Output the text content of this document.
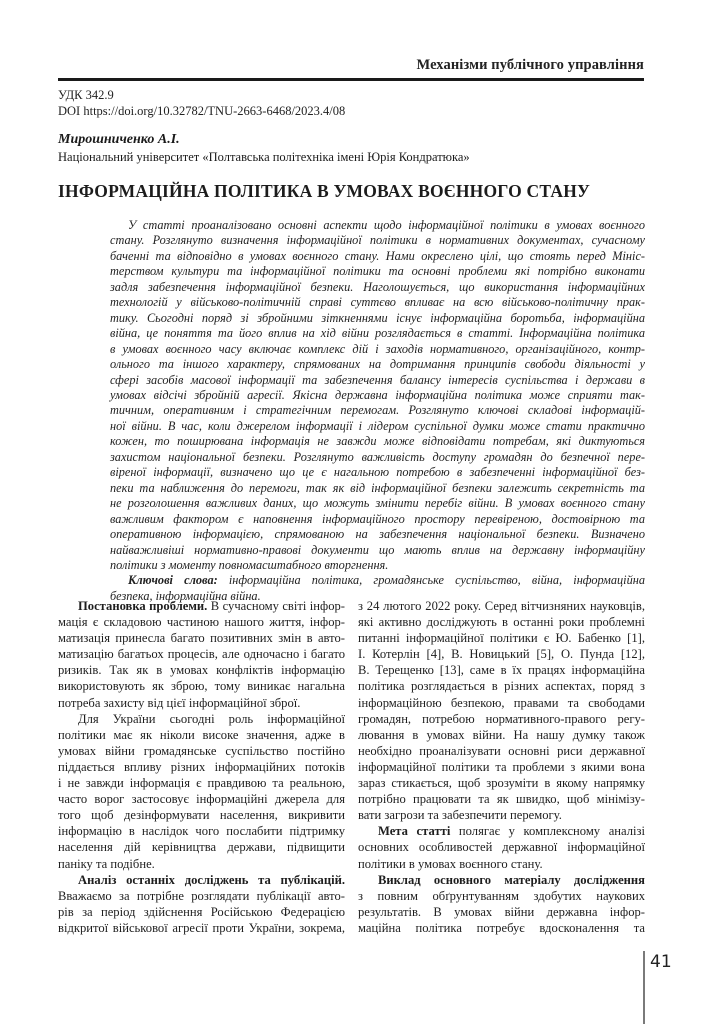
Механізми публічного управління
УДК 342.9
DOI https://doi.org/10.32782/TNU-2663-6468/2023.4/08
Мирошниченко А.І.
Національний університет «Полтавська політехніка імені Юрія Кондратюка»
ІНФОРМАЦІЙНА ПОЛІТИКА В УМОВАХ ВОЄННОГО СТАНУ
У статті проаналізовано основні аспекти щодо інформаційної політики в умовах воєнного
стану. Розглянуто визначення інформаційної політики в нормативних документах, сучасному
баченні та відповідно в умовах воєнного стану. Нами окреслено цілі, що стоять перед Мініс-
терством культури та інформаційної політики та основні проблеми які потрібно виконати
задля забезпечення інформаційної безпеки. Наголошується, що використання інформаційних
технологій у військово-політичній справі суттєво впливає на всю військово-політичну прак-
тику. Сьогодні поряд зі збройними зіткненнями існує інформаційна боротьба, інформаційна
війна, це поняття та його вплив на хід війни розглядається в статті. Інформаційна політика
в умовах воєнного часу включає комплекс дій і заходів нормативного, організаційного, контр-
ольного та іншого характеру, спрямованих на дотримання принципів свободи діяльності у
сфері засобів масової інформації та забезпечення балансу інтересів суспільства і держави в
умовах відсічі збройній агресії. Якісна державна інформаційна політика може сприяти так-
тичним, оперативним і стратегічним перемогам. Розглянуто ключові складові інформацій-
ної війни. В час, коли джерелом інформації і лідером суспільної думки може стати практично
кожен, то поширювана інформація не завжди може відповідати потребам, які диктуються
захистом національної безпеки. Розглянуто важливість доступу громадян до безпечної пере-
віреної інформації, визначено що це є нагальною потребою в забезпеченні інформаційної без-
пеки та наближення до перемоги, так як від інформаційної безпеки залежить секретність та
не розголошення важливих даних, що можуть змінити перебіг війни. В умовах воєнного стану
важливим фактором є наповнення інформаційного простору перевіреною, достовірною та
оперативною інформацією, спрямованою на забезпечення національної безпеки. Визначено
найважливіші нормативно-правові документи що мають вплив на державну інформаційну
політики з моменту повномасштабного вторгнення.
Ключові слова: інформаційна політика, громадянське суспільство, війна, інформаційна
безпека, інформаційна війна.
Постановка проблеми. В сучасному світі інфор-
мація є складовою частиною нашого життя, інфор-
матизація принесла багато позитивних змін в авто-
матизацію багатьох процесів, але одночасно і багато
ризиків. Так як в умовах конфліктів інформацію
використовують як зброю, тому виникає нагальна
потреба захисту від цієї інформаційної зброї.
Для України сьогодні роль інформаційної
політики має як ніколи високе значення, адже в
умовах війни громадянське суспільство постійно
піддається впливу різних інформаційних потоків
і не завжди інформація є правдивою та реальною,
часто ворог застосовує інформаційні джерела для
того щоб дезінформувати населення, викривити
інформацію в наслідок чого послабити підтримку
населення дій керівництва держави, підвищити
паніку та подібне.
Аналіз останніх досліджень та публікацій.
Вважаємо за потрібне розглядати публікації авто-
рів за період здійснення Російською Федерацією
відкритої військової агресії проти України, зокрема,
з 24 лютого 2022 року. Серед вітчизняних науковців,
які активно досліджують в останні роки проблемні
питанні інформаційної політики є Ю. Бабенко [1],
І. Котерлін [4], В. Новицький [5], О. Пунда [12],
В. Терещенко [13], саме в їх працях інформаційна
політика розглядається в різних аспектах, поряд з
інформаційною безпекою, правами та свободами
громадян, потребою нормативного-правого регу-
лювання в умовах війни. На нашу думку також
необхідно проаналізувати основні риси державної
інформаційної політики та проблеми з якими вона
зараз стикається, щоб зрозуміти в якому напрямку
потрібно працювати та як швидко, щоб мінімізу-
вати загрози та забезпечити перемогу.
Мета статті полягає у комплексному аналізі
основних особливостей державної інформаційної
політики в умовах воєнного стану.
Виклад основного матеріалу дослідження
з повним обґрунтуванням здобутих наукових
результатів. В умовах війни державна інфор-
маційна політика потребує вдосконалення та
41
